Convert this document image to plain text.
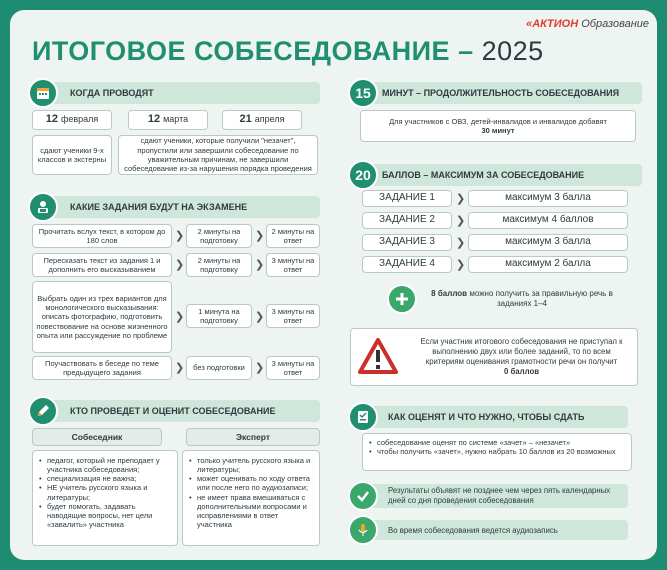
ИТОГОВОЕ СОБЕСЕДОВАНИЕ – 2025
«АКТИОН Образование
КОГДА ПРОВОДЯТ
12 февраля	12 марта	21 апреля
сдают ученики 9-х классов и экстерны
сдают ученики, которые получили "незачет", пропустили или завершили собеседование по уважительным причинам, не завершили собеседование из-за нарушения порядка проведения
КАКИЕ ЗАДАНИЯ БУДУТ НА ЭКЗАМЕНЕ
Прочитать вслух текст, в котором до 180 слов	❯	2 минуты на подготовку	❯ 2 минуты на ответ
Пересказать текст из задания 1 и дополнить его высказыванием	❯	2 минуты на подготовку	❯ 3 минуты на ответ
Выбрать один из трех вариантов для монологического высказывания: описать фотографию, подготовить повествование на основе жизненного опыта или рассуждение по проблеме
❯	1 минута на подготовку	❯ 3 минуты на ответ
Поучаствовать в беседе по теме предыдущего задания	❯	без подготовки ❯ 3 минуты на ответ
КТО ПРОВЕДЕТ И ОЦЕНИТ СОБЕСЕДОВАНИЕ
Собеседник	Эксперт
• педагог, который не преподает у участника собеседования;
• специализация не важна;
• НЕ учитель русского языка и литературы;
• будет помогать, задавать наводящие вопросы, нет цели «завалить» участника
• только учитель русского языка и литературы;
• может оценивать по ходу ответа или после него по аудиозаписи;
• не имеет права вмешиваться с дополнительными вопросами и исправлениями в ответ участника
МИНУТ – ПРОДОЛЖИТЕЛЬНОСТЬ СОБЕСЕДОВАНИЯ
15
Для участников с ОВЗ, детей-инвалидов и инвалидов добавят
30 минут
БАЛЛОВ – МАКСИМУМ ЗА СОБЕСЕДОВАНИЕ
20
ЗАДАНИЕ 1	❯	максимум 3 балла
ЗАДАНИЕ 2	❯	максимум 4 баллов
ЗАДАНИЕ 3	❯	максимум 3 балла
ЗАДАНИЕ 4	❯	максимум 2 балла
8 баллов можно получить за правильную речь в заданиях 1–4
Если участник итогового собеседования не приступал к выполнению двух или более заданий, то по всем критериям оценивания грамотности речи он получит
0 баллов
КАК ОЦЕНЯТ И ЧТО НУЖНО, ЧТОБЫ СДАТЬ
• собеседование оценят по системе «зачет» – «незачет»
• чтобы получить «зачет», нужно набрать 10 баллов из 20 возможных
Результаты объявят не позднее чем через пять календарных дней со дня проведения собеседования
Во время собеседования ведется аудиозапись
